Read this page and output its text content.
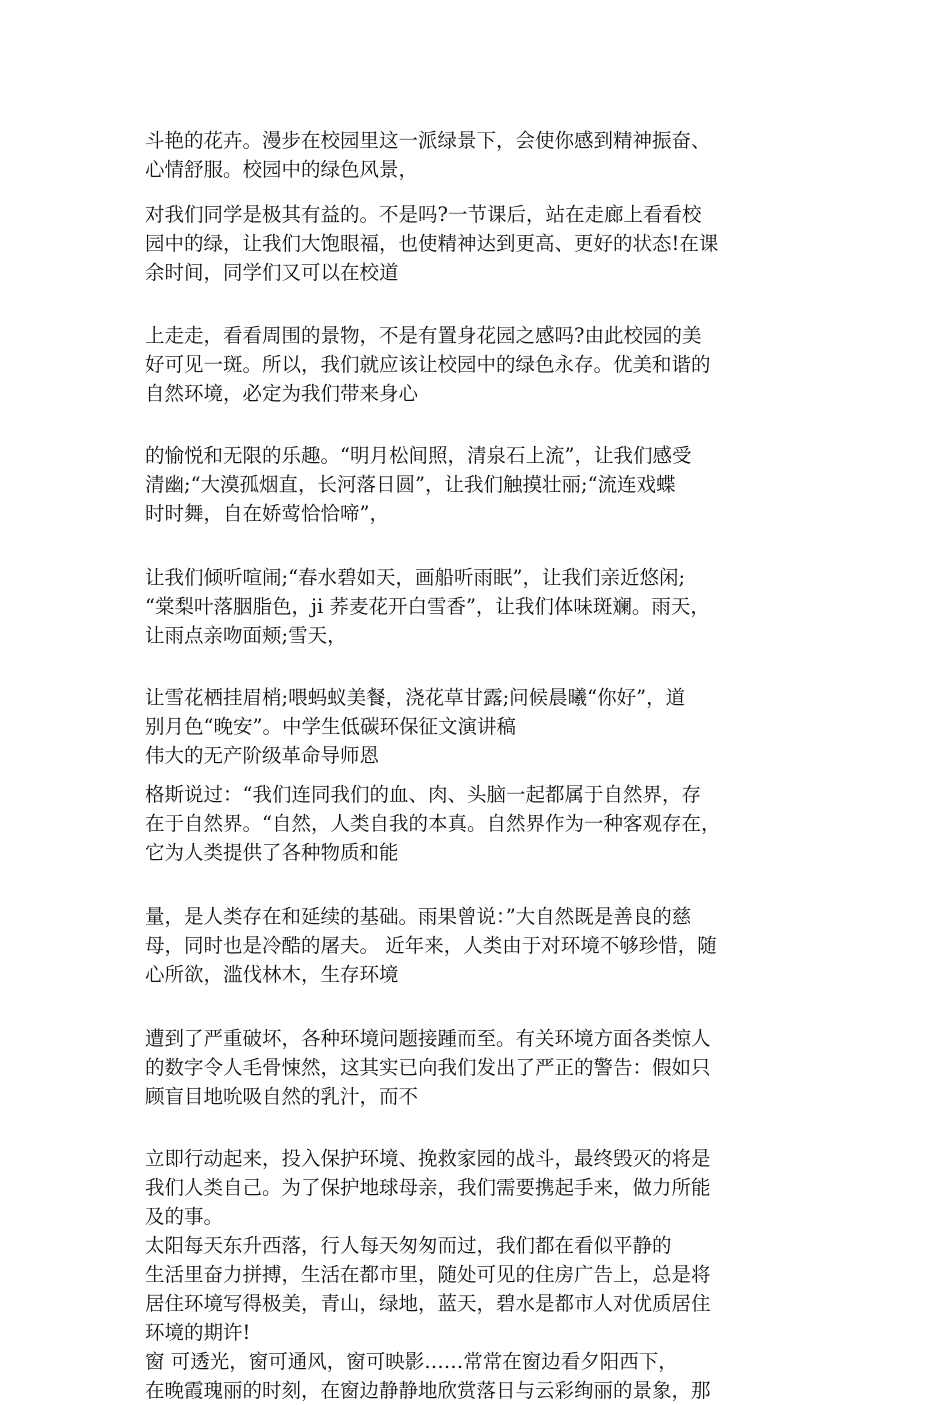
斗艳的花卉。漫步在校园里这一派绿景下，会使你感到精神振奋、
心情舒服。校园中的绿色风景，
对我们同学是极其有益的。不是吗?一节课后，站在走廊上看看校
园中的绿，让我们大饱眼福，也使精神达到更高、更好的状态!在课
余时间，同学们又可以在校道
上走走，看看周围的景物，不是有置身花园之感吗?由此校园的美
好可见一斑。所以，我们就应该让校园中的绿色永存。优美和谐的
自然环境，必定为我们带来身心
的愉悦和无限的乐趣。“明月松间照，清泉石上流”，让我们感受
清幽;“大漠孤烟直，长河落日圆”，让我们触摸壮丽;“流连戏蝶
时时舞，自在娇莺恰恰啼”，
让我们倾听喧闹;“春水碧如天，画船听雨眠”，让我们亲近悠闲;
“棠梨叶落胭脂色，ji 荞麦花开白雪香”，让我们体味斑斓。雨天，
让雨点亲吻面颊;雪天，
让雪花栖挂眉梢;喂蚂蚁美餐，浇花草甘露;问候晨曦“你好”，道
别月色“晚安”。中学生低碳环保征文演讲稿
伟大的无产阶级革命导师恩
格斯说过：“我们连同我们的血、肉、头脑一起都属于自然界，存
在于自然界。“自然，人类自我的本真。自然界作为一种客观存在，
它为人类提供了各种物质和能
量，是人类存在和延续的基础。雨果曾说：”大自然既是善良的慈
母，同时也是冷酷的屠夫。 近年来，人类由于对环境不够珍惜，随
心所欲，滥伐林木，生存环境
遭到了严重破坏，各种环境问题接踵而至。有关环境方面各类惊人
的数字令人毛骨悚然，这其实已向我们发出了严正的警告：假如只
顾盲目地吮吸自然的乳汁，而不
立即行动起来，投入保护环境、挽救家园的战斗，最终毁灭的将是
我们人类自己。为了保护地球母亲，我们需要携起手来，做力所能
及的事。
太阳每天东升西落，行人每天匆匆而过，我们都在看似平静的
生活里奋力拼搏，生活在都市里，随处可见的住房广告上，总是将
居住环境写得极美，青山，绿地，蓝天，碧水是都市人对优质居住
环境的期许!
窗 可透光，窗可通风，窗可映影……常常在窗边看夕阳西下，
在晚霞瑰丽的时刻，在窗边静静地欣赏落日与云彩绚丽的景象，那
